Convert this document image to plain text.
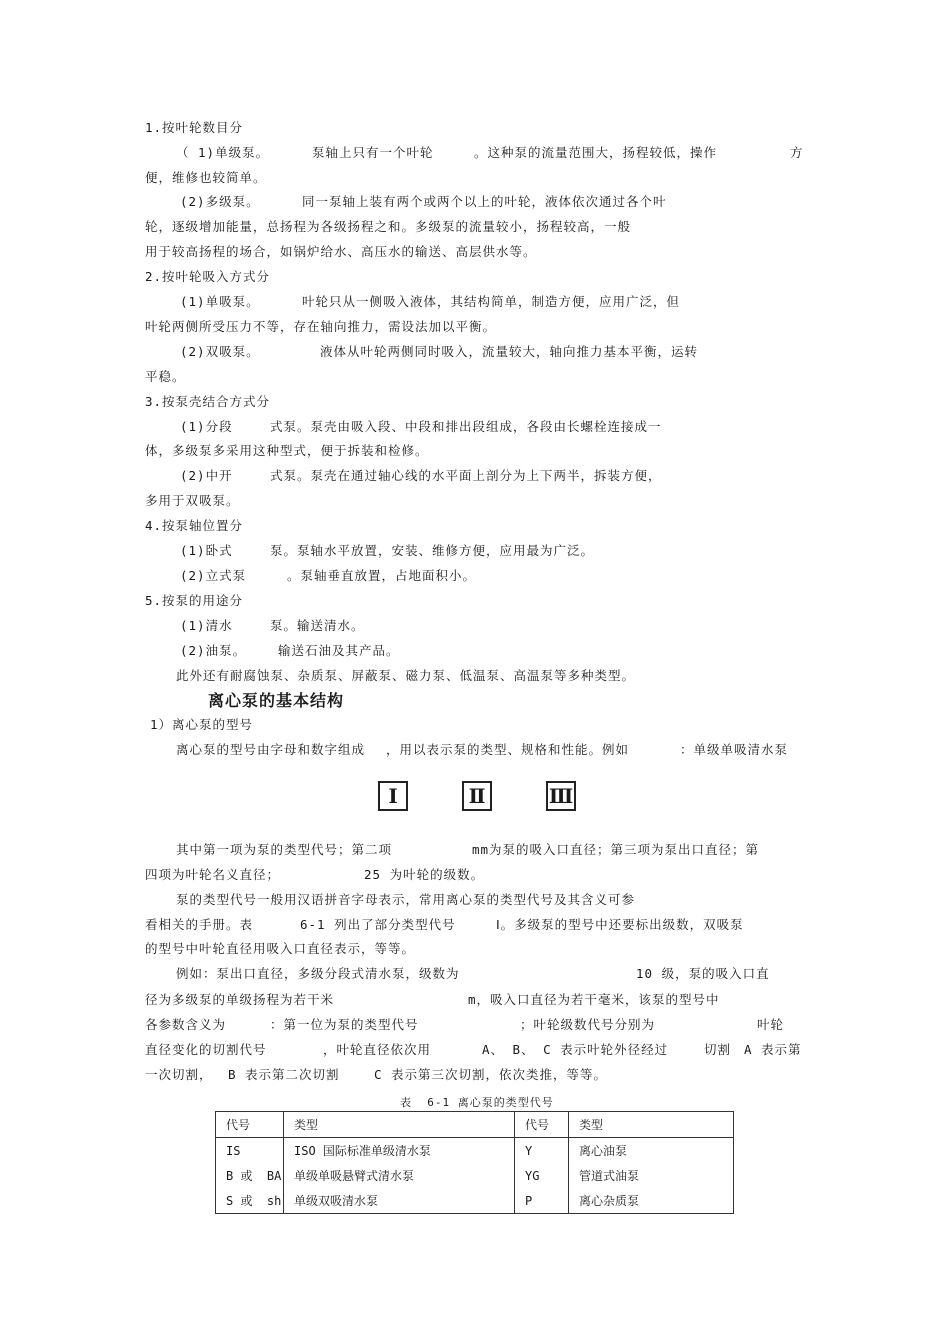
1.按叶轮数目分
（ 1)单级泵。	泵轴上只有一个叶轮	。这种泵的流量范围大，扬程较低，操作	方
便，维修也较简单。
(2)多级泵。	同一泵轴上装有两个或两个以上的叶轮，液体依次通过各个叶
轮，逐级增加能量，总扬程为各级扬程之和。多级泵的流量较小，扬程较高，一般
用于较高扬程的场合，如锅炉给水、高压水的输送、高层供水等。
2.按叶轮吸入方式分
(1)单吸泵。	叶轮只从一侧吸入液体，其结构简单，制造方便，应用广泛，但
叶轮两侧所受压力不等，存在轴向推力，需设法加以平衡。
(2)双吸泵。	液体从叶轮两侧同时吸入，流量较大，轴向推力基本平衡，运转
平稳。
3.按泵壳结合方式分
(1)分段	式泵。泵壳由吸入段、中段和排出段组成，各段由长螺栓连接成一
体，多级泵多采用这种型式，便于拆装和检修。
(2)中开	式泵。泵壳在通过轴心线的水平面上剖分为上下两半，拆装方便，
多用于双吸泵。
4.按泵轴位置分
(1)卧式	泵。泵轴水平放置，安装、维修方便，应用最为广泛。
(2)立式泵	。泵轴垂直放置，占地面积小。
5.按泵的用途分
(1)清水	泵。输送清水。
(2)油泵。	输送石油及其产品。
此外还有耐腐蚀泵、杂质泵、屏蔽泵、磁力泵、低温泵、高温泵等多种类型。
离心泵的基本结构
1）离心泵的型号
离心泵的型号由字母和数字组成 ，用以表示泵的类型、规格和性能。例如	：单级单吸清水泵
Ⅰ	Ⅱ	Ⅲ
其中第一项为泵的类型代号；第二项	mm为泵的吸入口直径；第三项为泵出口直径；第
四项为叶轮名义直径；	25 为叶轮的级数。
泵的类型代号一般用汉语拼音字母表示，常用离心泵的类型代号及其含义可参
看相关的手册。表	6-1 列出了部分类型代号	Ⅰ。多级泵的型号中还要标出级数，双吸泵
的型号中叶轮直径用吸入口直径表示，等等。
例如：泵出口直径，多级分段式清水泵，级数为	10 级，泵的吸入口直
径为多级泵的单级扬程为若干米	m，吸入口直径为若干毫米，该泵的型号中
各参数含义为	：第一位为泵的类型代号	；叶轮级数代号分别为	叶轮
直径变化的切割代号	，叶轮直径依次用	A、 B、 C 表示叶轮外径经过	切割 A 表示第
一次切割， B 表示第二次切割	C 表示第三次切割，依次类推，等等。
表  6-1 离心泵的类型代号
代号	类型	代号	类型
IS	ISO 国际标准单级清水泵	Y	离心油泵
B 或  BA	单级单吸悬臂式清水泵	YG	管道式油泵
S 或  sh	单级双吸清水泵	P	离心杂质泵
